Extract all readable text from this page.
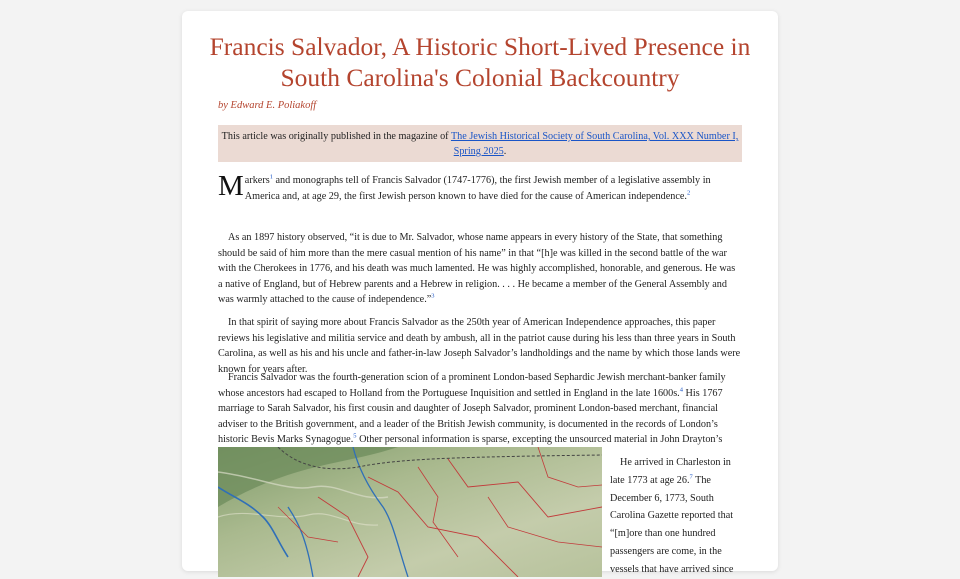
Francis Salvador, A Historic Short-Lived Presence in South Carolina's Colonial Backcountry
by Edward E. Poliakoff
This article was originally published in the magazine of The Jewish Historical Society of South Carolina, Vol. XXX Number I, Spring 2025.

Markers$^1$ and monographs tell of Francis Salvador (1747-1776), the first Jewish member of a legislative assembly in America and, at age 29, the first Jewish person known to have died for the cause of American independence.$^2$

As an 1897 history observed, “it is due to Mr. Salvador, whose name appears in every history of the State, that something should be said of him more than the mere casual mention of his name” in that “[h]e was killed in the second battle of the war with the Cherokees in 1776, and his death was much lamented. He was highly accomplished, honorable, and generous. He was a native of England, but of Hebrew parents and a Hebrew in religion. . . . He became a member of the General Assembly and was warmly attached to the cause of independence.”$^3$

In that spirit of saying more about Francis Salvador as the 250th year of American Independence approaches, this paper reviews his legislative and militia service and death by ambush, all in the patriot cause during his less than three years in South Carolina, as well as his and his uncle and father-in-law Joseph Salvador’s landholdings and the name by which those lands were known for years after.

Francis Salvador was the fourth-generation scion of a prominent London-based Sephardic Jewish merchant-banker family whose ancestors had escaped to Holland from the Portuguese Inquisition and settled in England in the late 1600s.$^4$ His 1767 marriage to Sarah Salvador, his first cousin and daughter of Joseph Salvador, prominent London-based merchant, financial adviser to the British government, and a leader of the British Jewish community, is documented in the records of London’s historic Bevis Marks Synagogue.$^5$ Other personal information is sparse, excepting the unsourced material in John Drayton’s

He arrived in Charleston in late 1773 at age 26.$^7$ The December 6, 1773, South Carolina Gazette reported that “[m]ore than one hundred passengers are come, in the vessels that have arrived since
